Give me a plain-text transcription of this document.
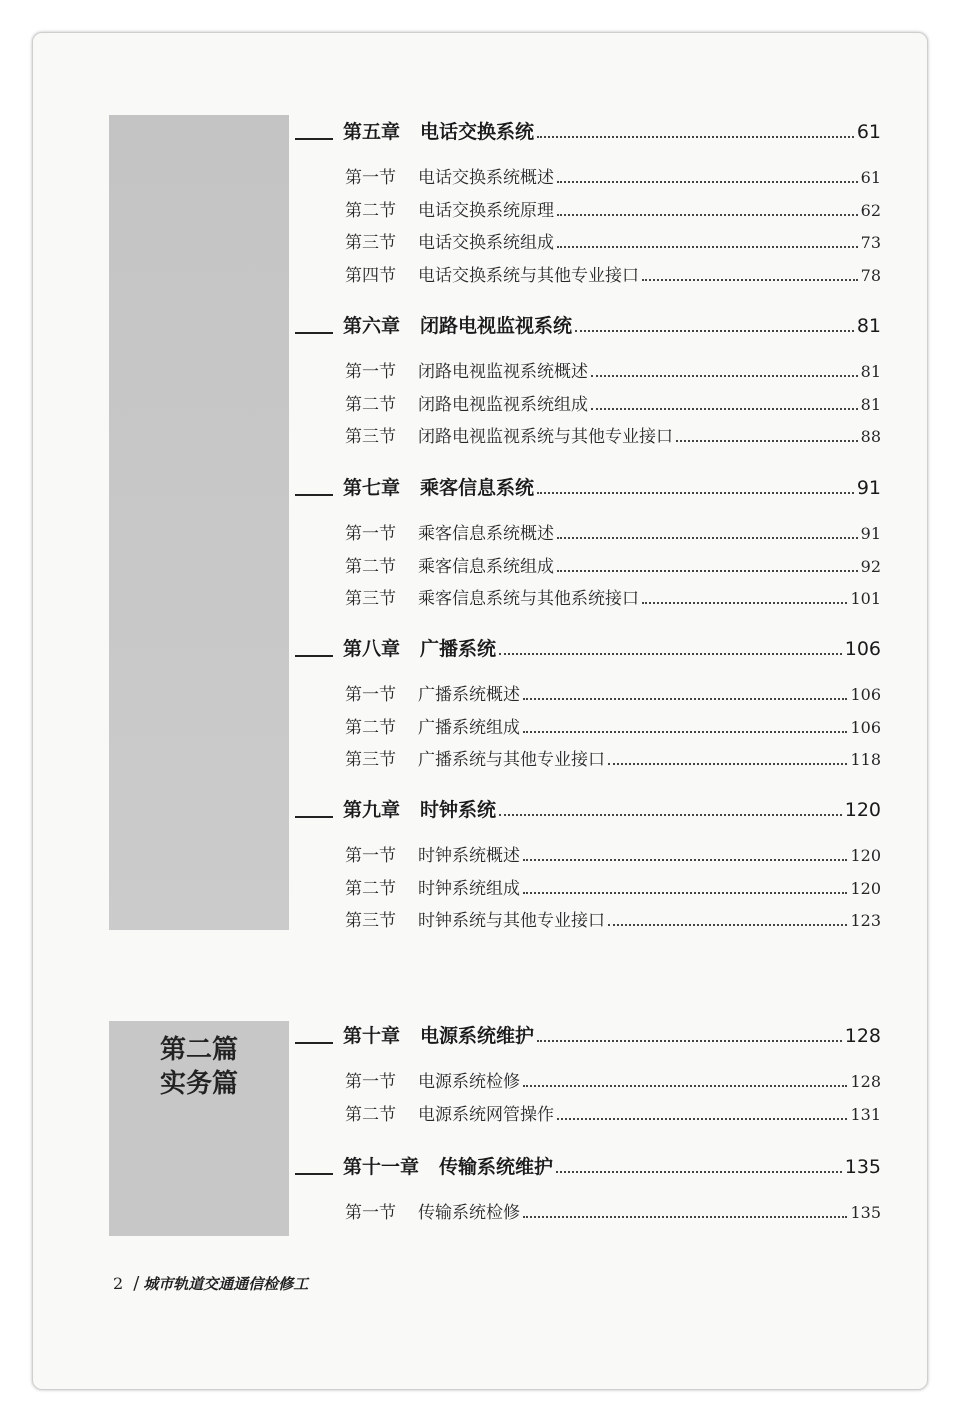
第二篇
实务篇
第五章 电话交换系统	61
第一节 电话交换系统概述	61
第二节 电话交换系统原理	62
第三节 电话交换系统组成	73
第四节 电话交换系统与其他专业接口	78
第六章 闭路电视监视系统	81
第一节 闭路电视监视系统概述	81
第二节 闭路电视监视系统组成	81
第三节 闭路电视监视系统与其他专业接口	88
第七章 乘客信息系统	91
第一节 乘客信息系统概述	91
第二节 乘客信息系统组成	92
第三节 乘客信息系统与其他系统接口	101
第八章 广播系统	106
第一节 广播系统概述	106
第二节 广播系统组成	106
第三节 广播系统与其他专业接口	118
第九章 时钟系统	120
第一节 时钟系统概述	120
第二节 时钟系统组成	120
第三节 时钟系统与其他专业接口	123
第十章 电源系统维护	128
第一节 电源系统检修	128
第二节 电源系统网管操作	131
第十一章 传输系统维护	135
第一节 传输系统检修	135
2 / 城市轨道交通通信检修工
